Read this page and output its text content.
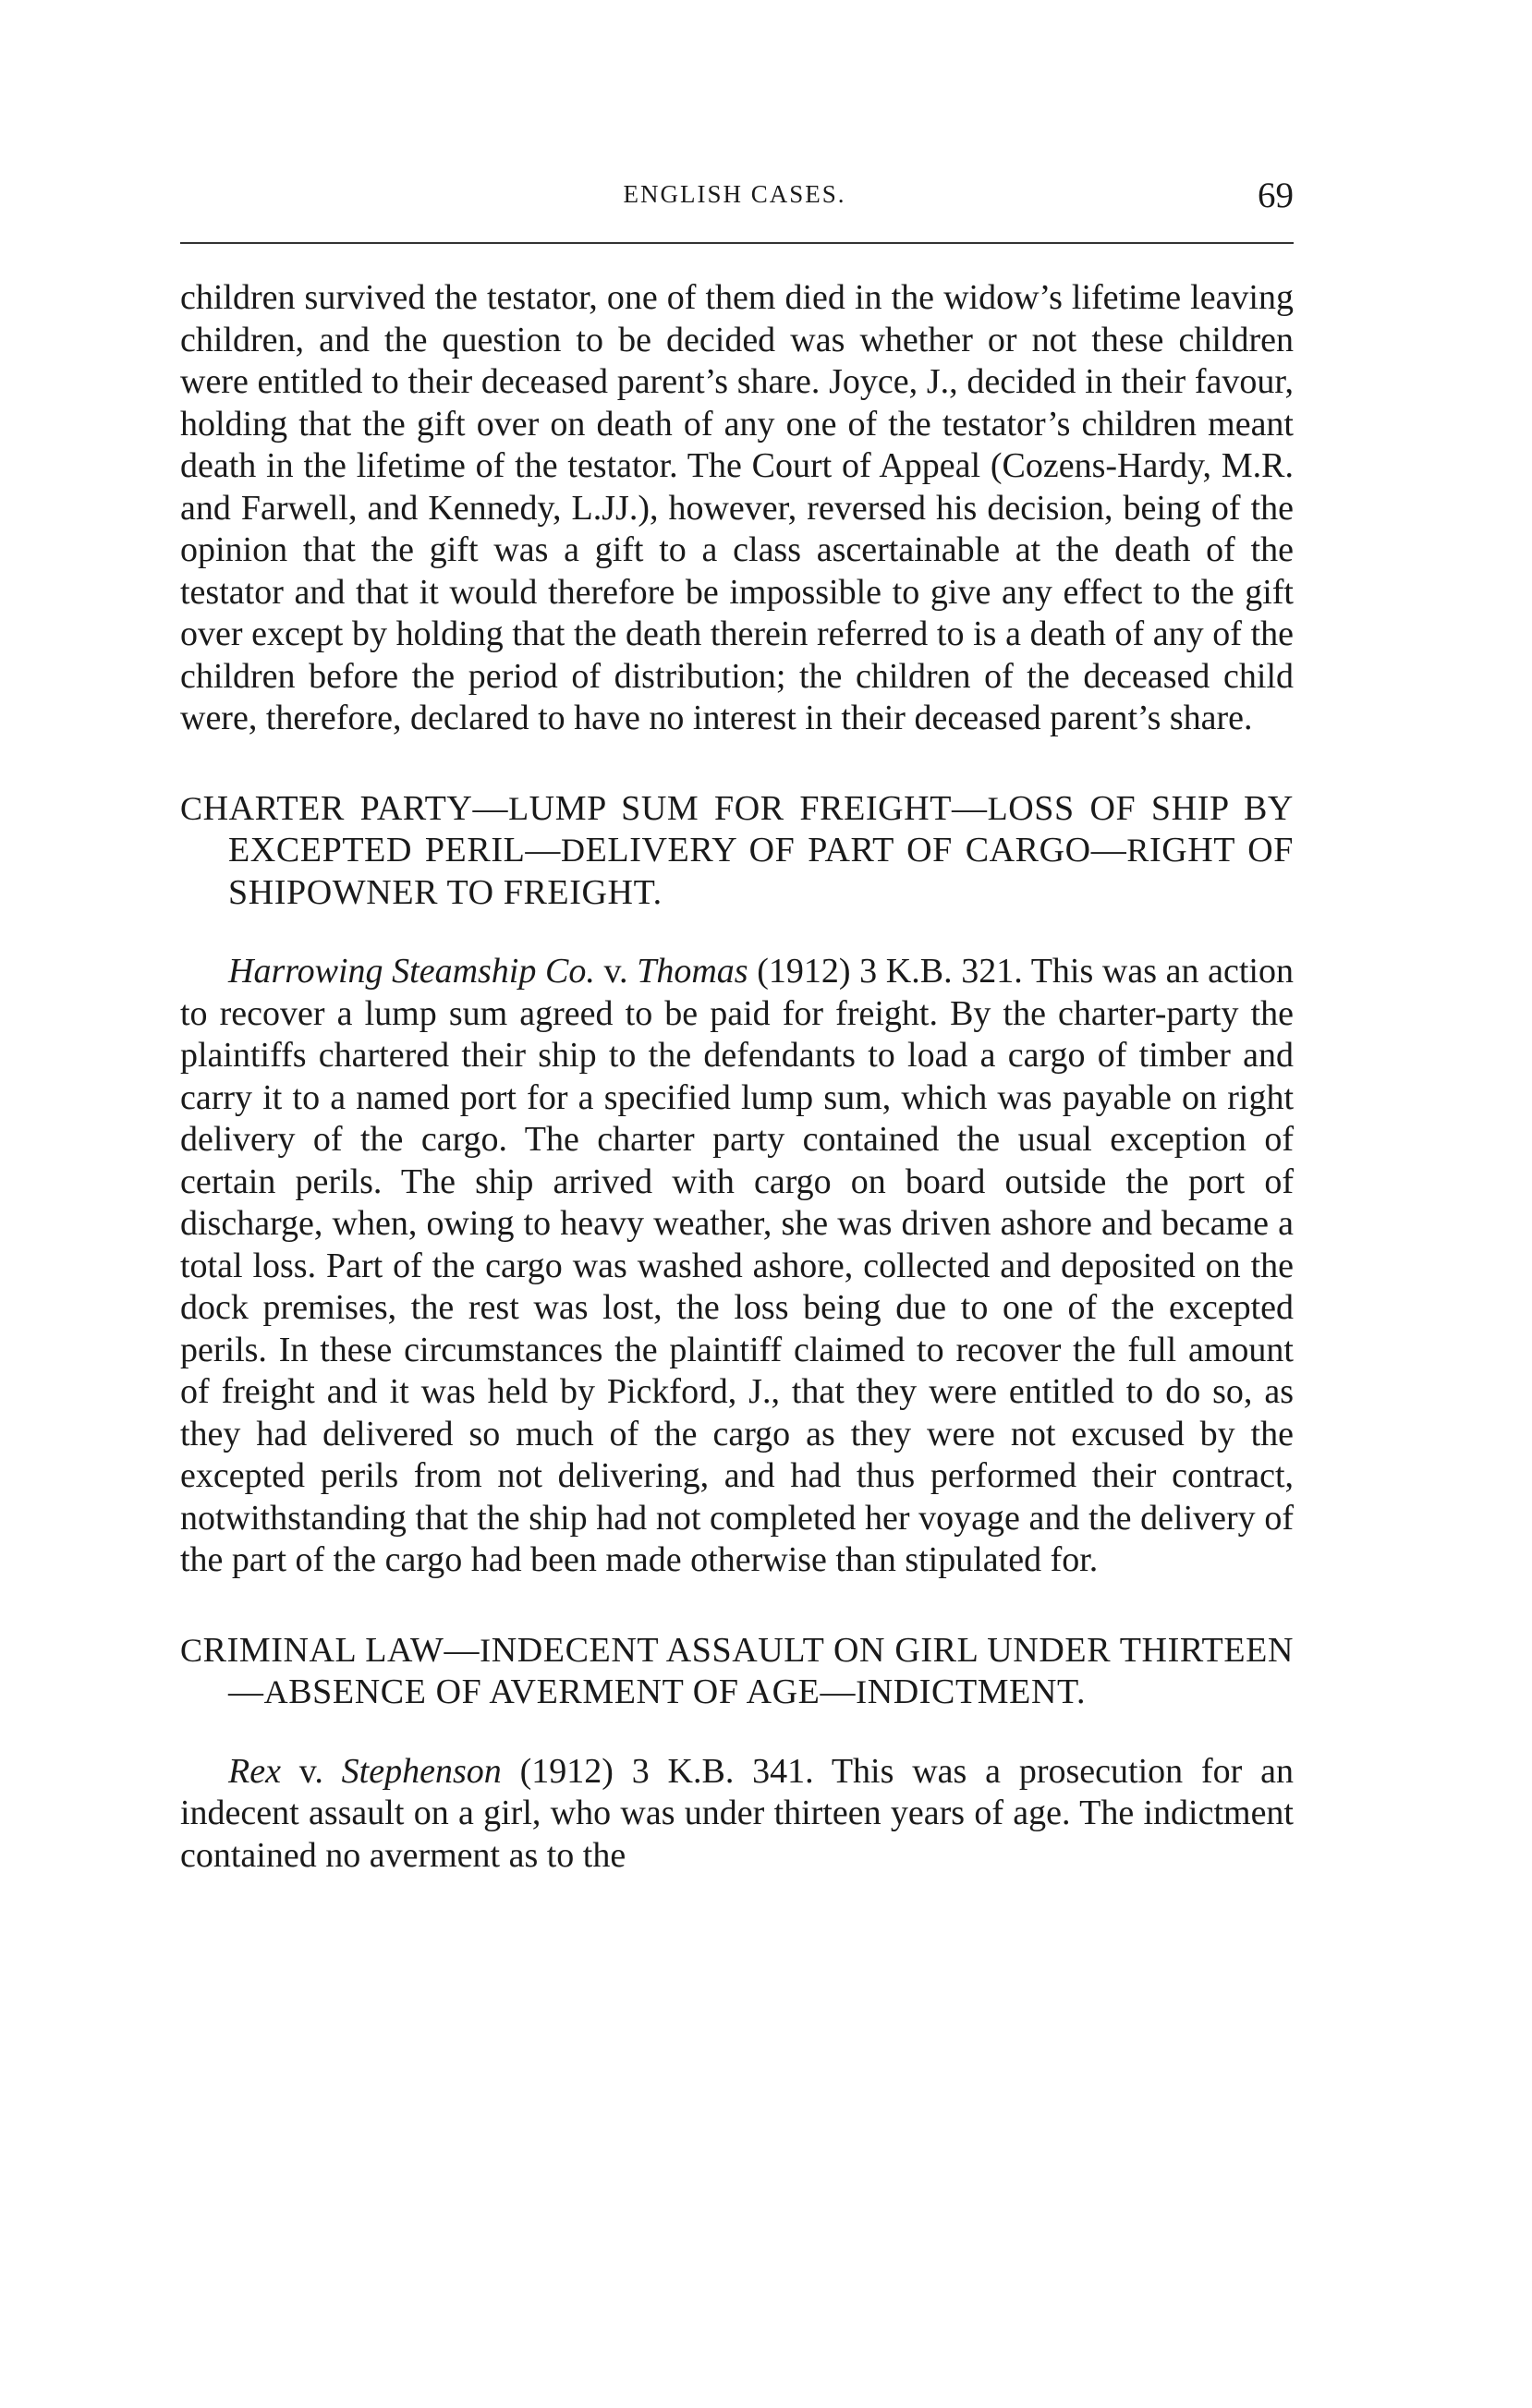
ENGLISH CASES.	69

children survived the testator, one of them died in the widow’s lifetime leaving children, and the question to be decided was whether or not these children were entitled to their deceased parent’s share. Joyce, J., decided in their favour, holding that the gift over on death of any one of the testator’s children meant death in the lifetime of the testator. The Court of Appeal (Cozens-Hardy, M.R. and Farwell, and Kennedy, L.JJ.), however, reversed his decision, being of the opinion that the gift was a gift to a class ascertainable at the death of the testator and that it would therefore be impossible to give any effect to the gift over except by holding that the death therein referred to is a death of any of the children before the period of distribution; the children of the deceased child were, therefore, declared to have no interest in their deceased parent’s share.

CHARTER PARTY—LUMP SUM FOR FREIGHT—LOSS OF SHIP BY EXCEPTED PERIL—DELIVERY OF PART OF CARGO—RIGHT OF SHIPOWNER TO FREIGHT.

Harrowing Steamship Co. v. Thomas (1912) 3 K.B. 321. This was an action to recover a lump sum agreed to be paid for freight. By the charter-party the plaintiffs chartered their ship to the defendants to load a cargo of timber and carry it to a named port for a specified lump sum, which was payable on right delivery of the cargo. The charter party contained the usual exception of certain perils. The ship arrived with cargo on board outside the port of discharge, when, owing to heavy weather, she was driven ashore and became a total loss. Part of the cargo was washed ashore, collected and deposited on the dock premises, the rest was lost, the loss being due to one of the excepted perils. In these circumstances the plaintiff claimed to recover the full amount of freight and it was held by Pickford, J., that they were entitled to do so, as they had delivered so much of the cargo as they were not excused by the excepted perils from not delivering, and had thus performed their contract, notwithstanding that the ship had not completed her voyage and the delivery of the part of the cargo had been made otherwise than stipulated for.

CRIMINAL LAW—INDECENT ASSAULT ON GIRL UNDER THIRTEEN—ABSENCE OF AVERMENT OF AGE—INDICTMENT.

Rex v. Stephenson (1912) 3 K.B. 341. This was a prosecution for an indecent assault on a girl, who was under thirteen years of age. The indictment contained no averment as to the
